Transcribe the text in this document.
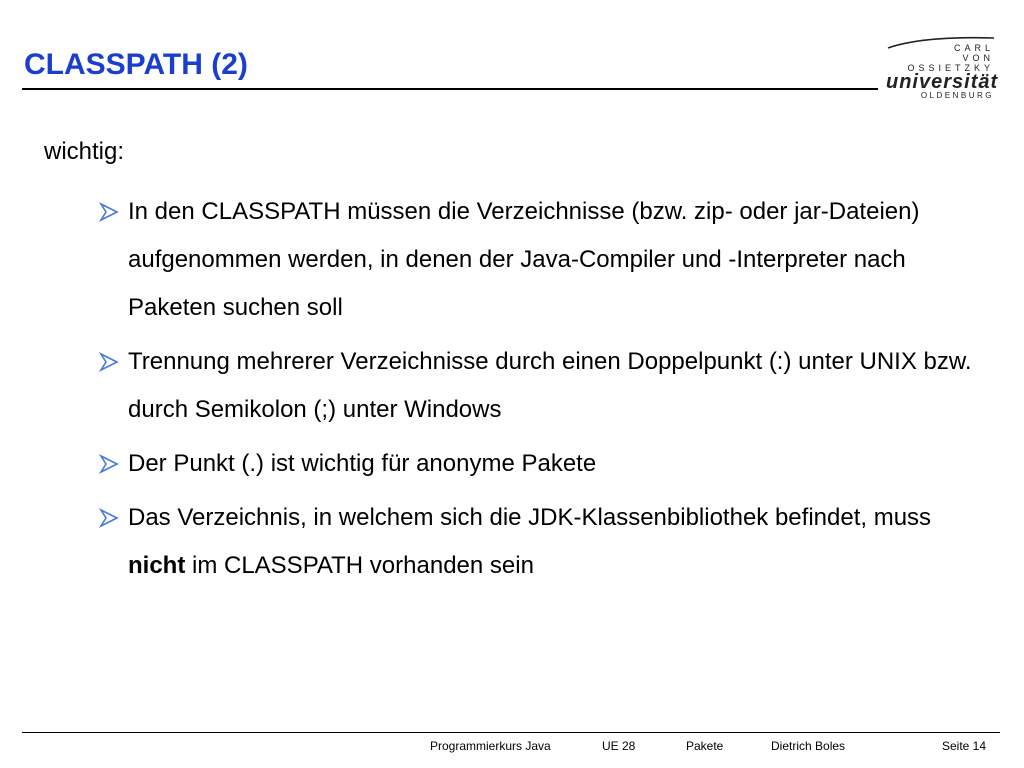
CLASSPATH (2)	CARL
VON
OSSIETZKY
universität
OLDENBURG
wichtig:
In den CLASSPATH müssen die Verzeichnisse (bzw. zip- oder jar-Dateien) aufgenommen werden, in denen der Java-Compiler und -Interpreter nach Paketen suchen soll
Trennung mehrerer Verzeichnisse durch einen Doppelpunkt (:) unter UNIX bzw. durch Semikolon (;) unter Windows
Der Punkt (.) ist wichtig für anonyme Pakete
Das Verzeichnis, in welchem sich die JDK-Klassenbibliothek befindet, muss nicht im CLASSPATH vorhanden sein
Programmierkurs Java	UE 28	Pakete	Dietrich Boles	Seite 14
